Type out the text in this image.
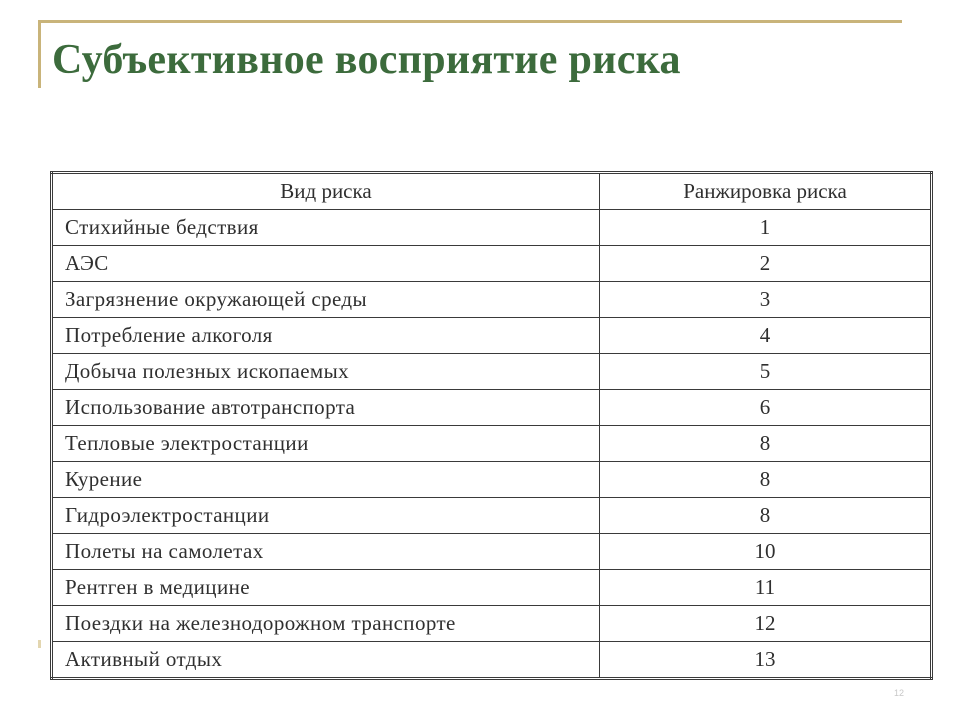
Субъективное восприятие риска
Вид риска	Ранжировка риска
Стихийные бедствия	1
АЭС	2
Загрязнение окружающей среды	3
Потребление алкоголя	4
Добыча полезных ископаемых	5
Использование автотранспорта	6
Тепловые электростанции	8
Курение	8
Гидроэлектростанции	8
Полеты на самолетах	10
Рентген в медицине	11
Поездки на железнодорожном транспорте	12
Активный отдых	13
12
